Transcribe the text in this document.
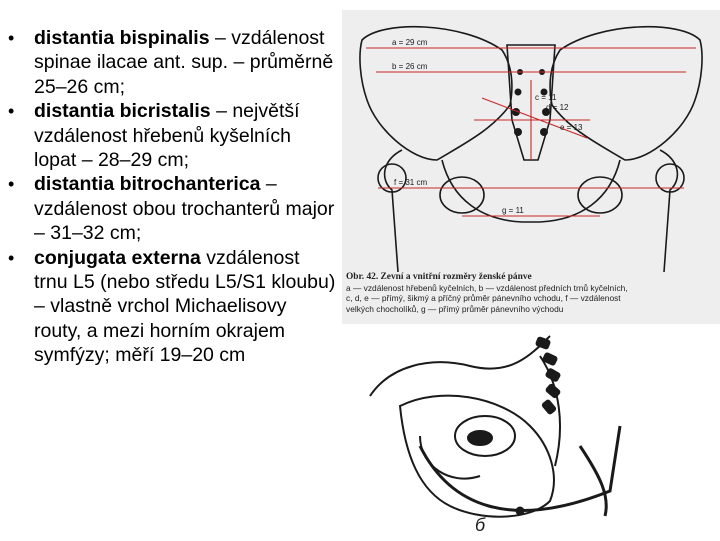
• distantia bispinalis – vzdálenost spinae ilacae ant. sup. – průměrně 25–26 cm;

• distantia bicristalis – největší vzdálenost hřebenů kyšelních lopat – 28–29 cm;

• distantia bitrochanterica – vzdálenost obou trochanterů major – 31–32 cm;

• conjugata externa vzdálenost trnu L5 (nebo středu L5/S1 kloubu) – vlastně vrchol Michaelisovy routy, a mezi horním okrajem symfýzy; měří 19–20 cm

a = 29 cm
b = 26 cm
c = 11
d = 12
e = 13
f = 31 cm
g = 11
Obr. 42. Zevní a vnitřní rozměry ženské pánve
a — vzdálenost hřebenů kyčelních, b — vzdálenost předních trnů kyčelních,
c, d, e — přímý, šikmý a příčný průměr pánevního vchodu, f — vzdálenost
velkých chocholíků, g — přímý průměr pánevního východu
б
